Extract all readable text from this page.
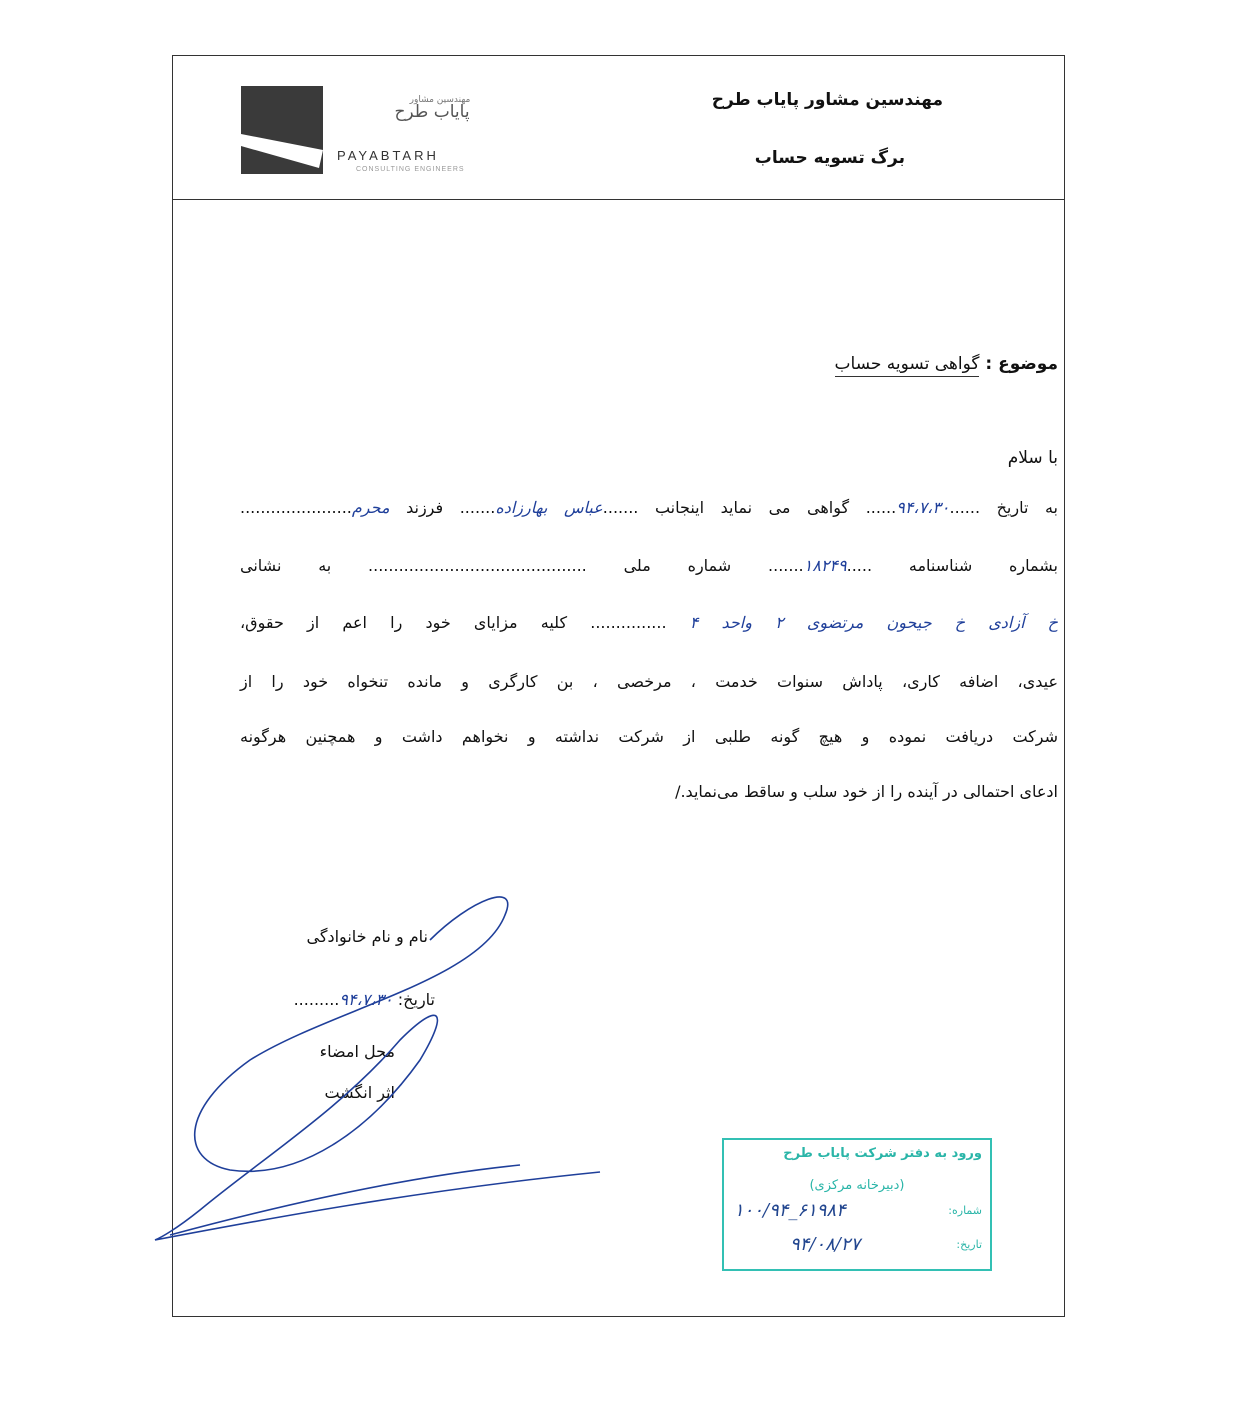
مهندسین مشاور
پایاب طرح
PAYABTARH
CONSULTING ENGINEERS
مهندسین مشاور پایاب طرح
برگ تسویه حساب
موضوع : گواهی تسویه حساب
با سلام
به تاریخ ......۹۴،۷،۳۰...... گواهی می نماید اینجانب .......عباس بهارزاده....... فرزند محرم......................
بشماره شناسنامه .....۱۸۲۴۹....... شماره ملی ........................................... به نشانی
خ آزادی خ جیحون مرتضوی ۲ واحد ۴ ............... کلیه مزایای خود را اعم از حقوق،
عیدی، اضافه کاری، پاداش سنوات خدمت ، مرخصی ، بن کارگری و مانده تنخواه خود را از
شرکت دریافت نموده و هیچ گونه طلبی از شرکت نداشته و نخواهم داشت و همچنین هرگونه
ادعای احتمالی در آینده را از خود سلب و ساقط می‌نماید./
نام و نام خانوادگی
تاریخ: ۹۴،۷،۳۰.........
محل امضاء
اثر انگشت
ورود به دفتر شرکت پایاب طرح
(دبیرخانه مرکزی)
شماره:
۱۰۰/۹۴_۶۱۹۸۴
تاریخ:
۹۴/۰۸/۲۷
